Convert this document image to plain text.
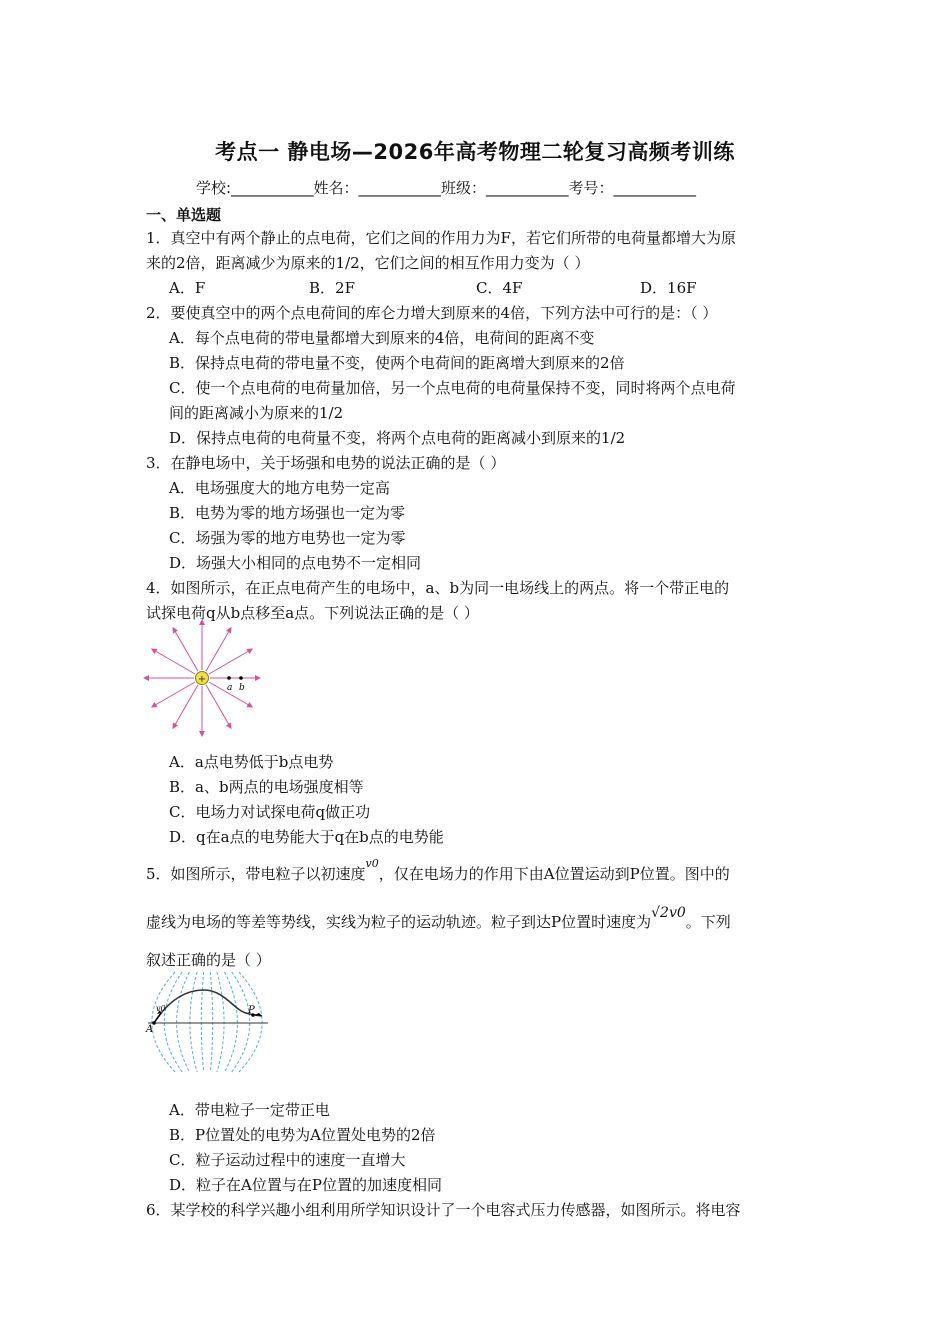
考点一 静电场—2026年高考物理二轮复习高频考训练
学校:___________姓名：___________班级：___________考号：___________
一、单选题
1．真空中有两个静止的点电荷，它们之间的作用力为F，若它们所带的电荷量都增大为原
来的2倍，距离减少为原来的1/2，它们之间的相互作用力变为（ ）
A．F	B．2F	C．4F	D．16F
2．要使真空中的两个点电荷间的库仑力增大到原来的4倍，下列方法中可行的是：（ ）
A．每个点电荷的带电量都增大到原来的4倍，电荷间的距离不变
B．保持点电荷的带电量不变，使两个电荷间的距离增大到原来的2倍
C．使一个点电荷的电荷量加倍，另一个点电荷的电荷量保持不变，同时将两个点电荷
间的距离减小为原来的1/2
D．保持点电荷的电荷量不变，将两个点电荷的距离减小到原来的1/2
3．在静电场中，关于场强和电势的说法正确的是（ ）
A．电场强度大的地方电势一定高
B．电势为零的地方场强也一定为零
C．场强为零的地方电势也一定为零
D．场强大小相同的点电势不一定相同
4．如图所示，在正点电荷产生的电场中，a、b为同一电场线上的两点。将一个带正电的
试探电荷q从b点移至a点。下列说法正确的是（ ）
+
a b
A．a点电势低于b点电势
B．a、b两点的电场强度相等
C．电场力对试探电荷q做正功
D．q在a点的电势能大于q在b点的电势能
5．如图所示，带电粒子以初速度$^{v0}$，仅在电场力的作用下由A位置运动到P位置。图中的
虚线为电场的等差等势线，实线为粒子的运动轨迹。粒子到达P位置时速度为√2v0。下列
叙述正确的是（ ）
A
P
v0
A．带电粒子一定带正电
B．P位置处的电势为A位置处电势的2倍
C．粒子运动过程中的速度一直增大
D．粒子在A位置与在P位置的加速度相同
6．某学校的科学兴趣小组利用所学知识设计了一个电容式压力传感器，如图所示。将电容
